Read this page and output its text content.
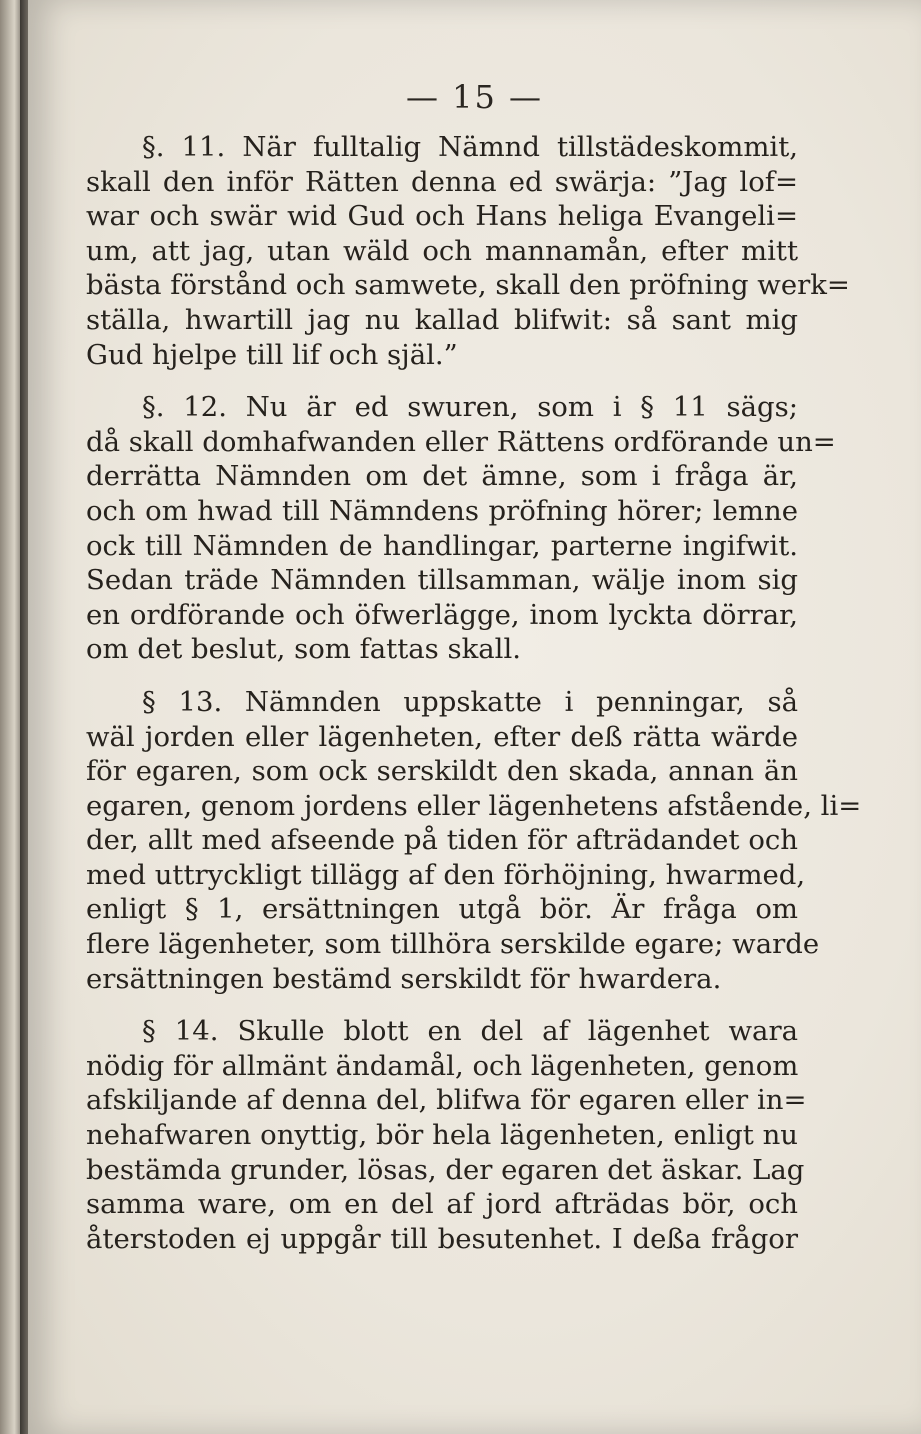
— 15 —

§. 11. När fulltalig Nämnd tillstädeskommit,
skall den inför Rätten denna ed swärja: ”Jag lof=
war och swär wid Gud och Hans heliga Evangeli=
um, att jag, utan wäld och mannamån, efter mitt
bästa förstånd och samwete, skall den pröfning werk=
ställa, hwartill jag nu kallad blifwit: så sant mig
Gud hjelpe till lif och själ.”

§. 12. Nu är ed swuren, som i § 11 sägs;
då skall domhafwanden eller Rättens ordförande un=
derrätta Nämnden om det ämne, som i fråga är,
och om hwad till Nämndens pröfning hörer; lemne
ock till Nämnden de handlingar, parterne ingifwit.
Sedan träde Nämnden tillsamman, wälje inom sig
en ordförande och öfwerlägge, inom lyckta dörrar,
om det beslut, som fattas skall.

§ 13. Nämnden uppskatte i penningar, så
wäl jorden eller lägenheten, efter deß rätta wärde
för egaren, som ock serskildt den skada, annan än
egaren, genom jordens eller lägenhetens afstående, li=
der, allt med afseende på tiden för afträdandet och
med uttryckligt tillägg af den förhöjning, hwarmed,
enligt § 1, ersättningen utgå bör. Är fråga om
flere lägenheter, som tillhöra serskilde egare; warde
ersättningen bestämd serskildt för hwardera.

§ 14. Skulle blott en del af lägenhet wara
nödig för allmänt ändamål, och lägenheten, genom
afskiljande af denna del, blifwa för egaren eller in=
nehafwaren onyttig, bör hela lägenheten, enligt nu
bestämda grunder, lösas, der egaren det äskar. Lag
samma ware, om en del af jord afträdas bör, och
återstoden ej uppgår till besutenhet. I deßa frågor
